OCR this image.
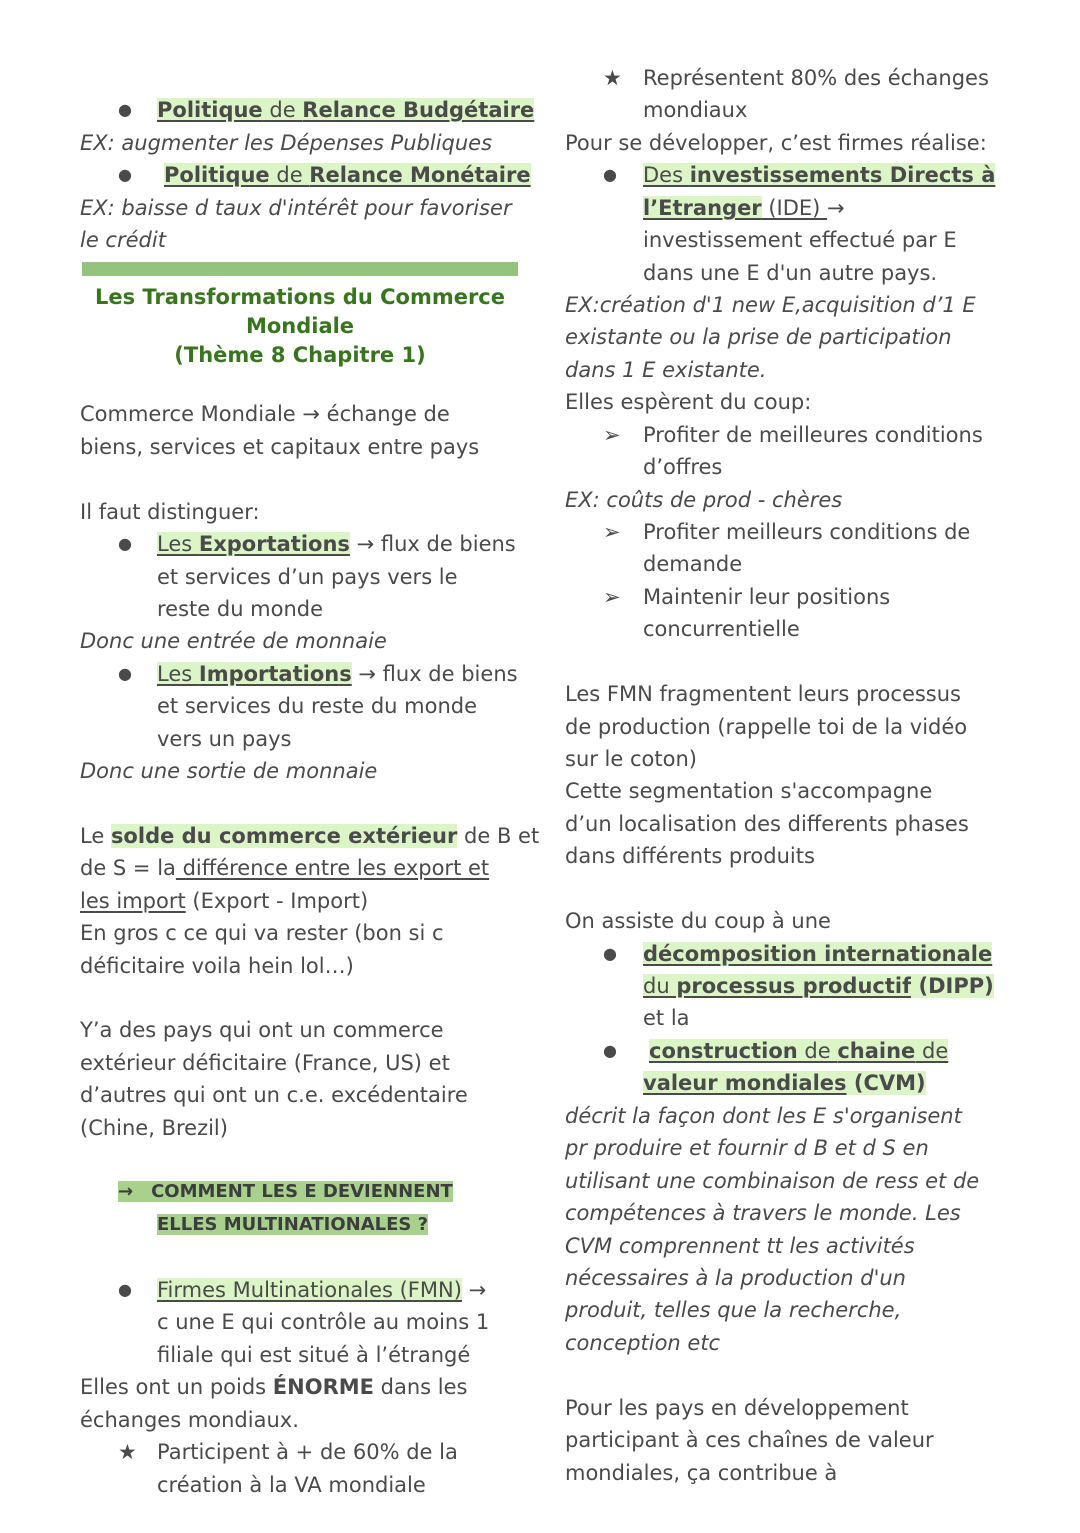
● Politique de Relance Budgétaire
EX: augmenter les Dépenses Publiques
● Politique de Relance Monétaire
EX: baisse d taux d'intérêt pour favoriser
le crédit
Les Transformations du Commerce
Mondiale
(Thème 8 Chapitre 1)
Commerce Mondiale → échange de
biens, services et capitaux entre pays
Il faut distinguer:
● Les Exportations → flux de biens
et services d’un pays vers le
reste du monde
Donc une entrée de monnaie
● Les Importations → flux de biens
et services du reste du monde
vers un pays
Donc une sortie de monnaie
Le solde du commerce extérieur de B et
de S = la différence entre les export et
les import (Export - Import)
En gros c ce qui va rester (bon si c
déficitaire voila hein lol…)
Y’a des pays qui ont un commerce
extérieur déficitaire (France, US) et
d’autres qui ont un c.e. excédentaire
(Chine, Brezil)
→ COMMENT LES E DEVIENNENT
ELLES MULTINATIONALES ?
● Firmes Multinationales (FMN) →
c une E qui contrôle au moins 1
filiale qui est situé à l’étrangé
Elles ont un poids ÉNORME dans les
échanges mondiaux.
★ Participent à + de 60% de la
création à la VA mondiale
★ Représentent 80% des échanges
mondiaux
Pour se développer, c’est firmes réalise:
● Des investissements Directs à
l’Etranger (IDE) →
investissement effectué par E
dans une E d'un autre pays.
EX:création d'1 new E,acquisition d’1 E
existante ou la prise de participation
dans 1 E existante.
Elles espèrent du coup:
➢ Profiter de meilleures conditions
d’offres
EX: coûts de prod - chères
➢ Profiter meilleurs conditions de
demande
➢ Maintenir leur positions
concurrentielle
Les FMN fragmentent leurs processus
de production (rappelle toi de la vidéo
sur le coton)
Cette segmentation s'accompagne
d’un localisation des differents phases
dans différents produits
On assiste du coup à une
● décomposition internationale
du processus productif (DIPP)
et la
● construction de chaine de
valeur mondiales (CVM)
décrit la façon dont les E s'organisent
pr produire et fournir d B et d S en
utilisant une combinaison de ress et de
compétences à travers le monde. Les
CVM comprennent tt les activités
nécessaires à la production d'un
produit, telles que la recherche,
conception etc
Pour les pays en développement
participant à ces chaînes de valeur
mondiales, ça contribue à
